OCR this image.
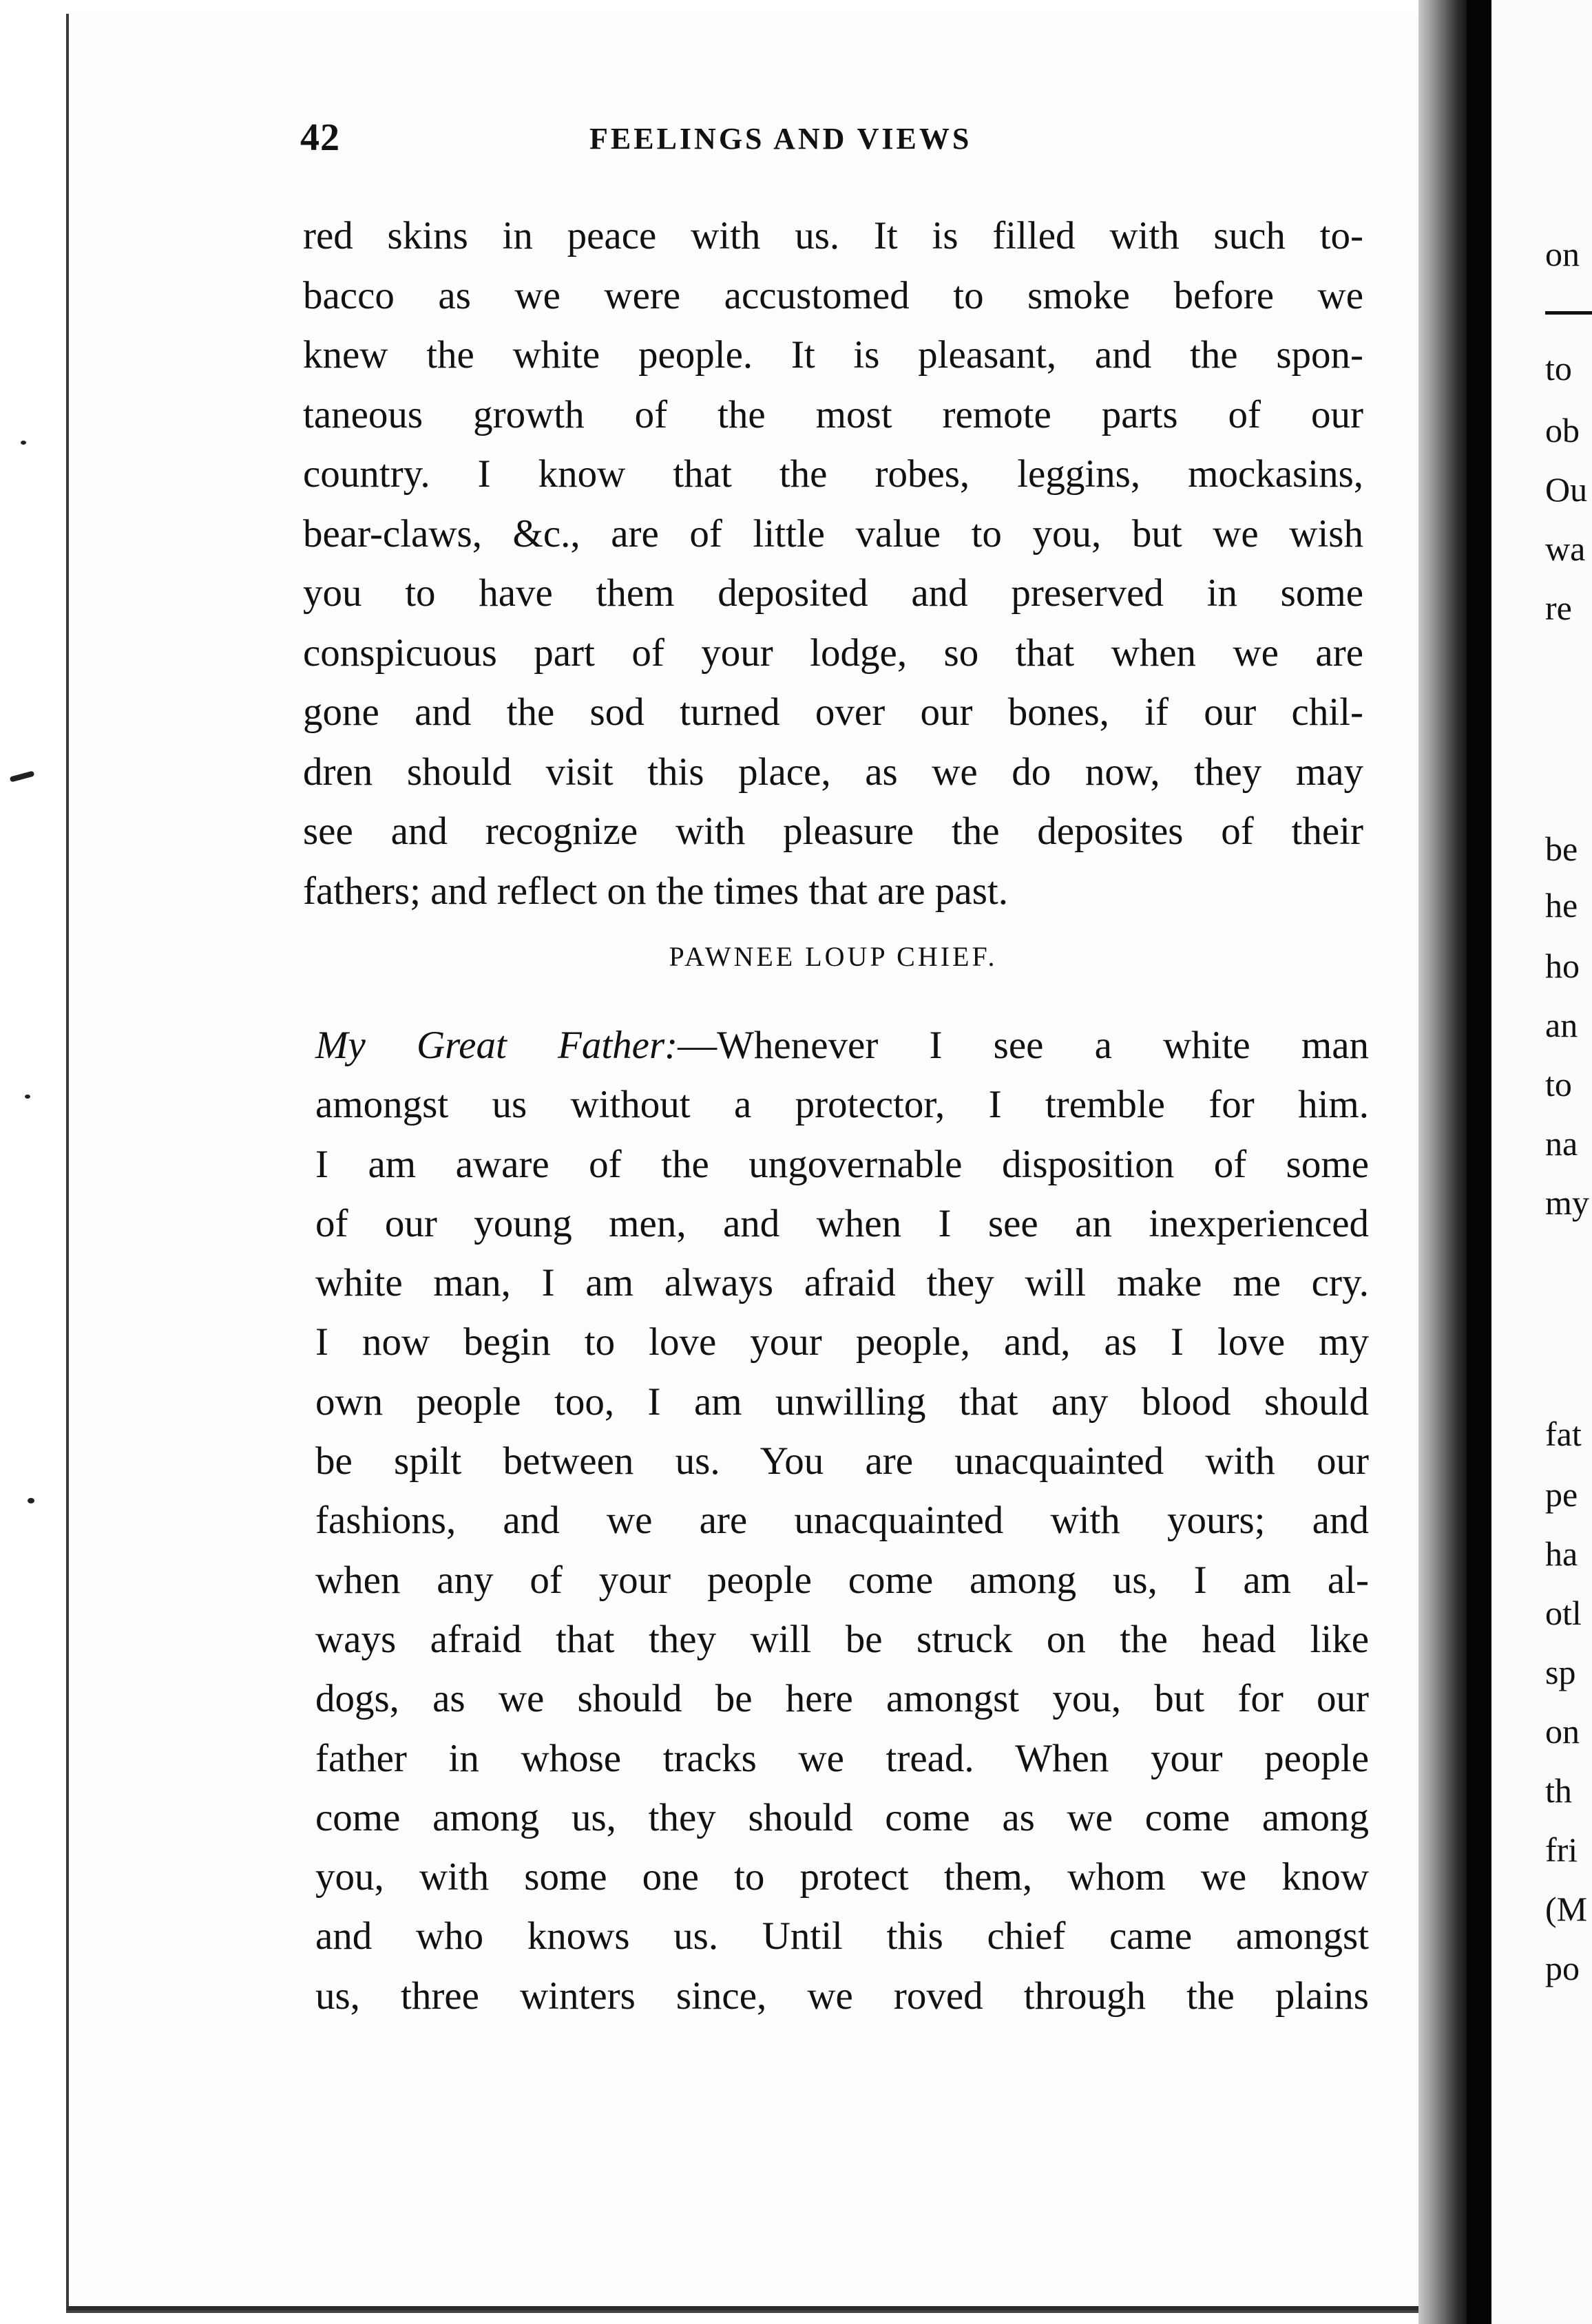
on
to
ob
Ou
wa
re
be
he
ho
an
to
na
my
fat
pe
ha
otl
sp
on
th
fri
(M
po
42	FEELINGS AND VIEWS
red skins in peace with us. It is filled with such to-
bacco as we were accustomed to smoke before we
knew the white people. It is pleasant, and the spon-
taneous growth of the most remote parts of our
country. I know that the robes, leggins, mockasins,
bear-claws, &c., are of little value to you, but we wish
you to have them deposited and preserved in some
conspicuous part of your lodge, so that when we are
gone and the sod turned over our bones, if our chil-
dren should visit this place, as we do now, they may
see and recognize with pleasure the deposites of their
fathers; and reflect on the times that are past.
PAWNEE LOUP CHIEF.
My Great Father:—Whenever I see a white man
amongst us without a protector, I tremble for him.
I am aware of the ungovernable disposition of some
of our young men, and when I see an inexperienced
white man, I am always afraid they will make me cry.
I now begin to love your people, and, as I love my
own people too, I am unwilling that any blood should
be spilt between us. You are unacquainted with our
fashions, and we are unacquainted with yours; and
when any of your people come among us, I am al-
ways afraid that they will be struck on the head like
dogs, as we should be here amongst you, but for our
father in whose tracks we tread. When your people
come among us, they should come as we come among
you, with some one to protect them, whom we know
and who knows us. Until this chief came amongst
us, three winters since, we roved through the plains
